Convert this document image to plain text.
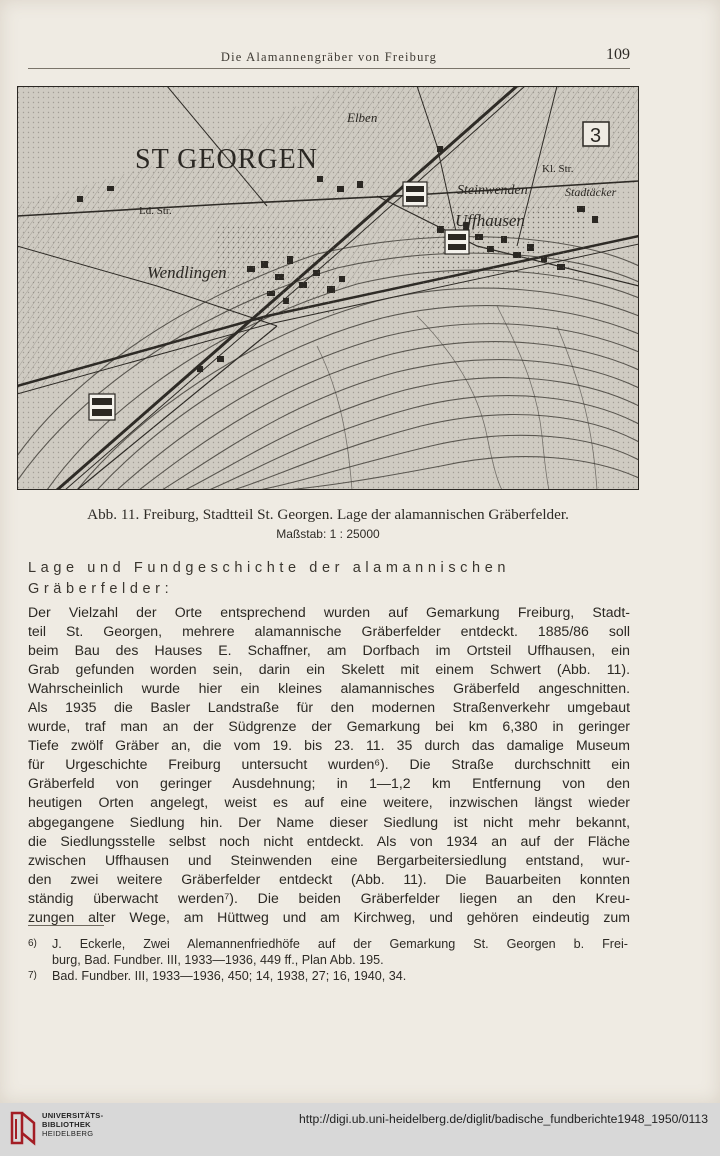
Die Alamannengräber von Freiburg	109
ST GEORGEN
Wendlingen
Steinwenden
Uffhausen
Elben
Stadtäcker
Ld. Str.
Kl. Str.
3
Abb. 11. Freiburg, Stadtteil St. Georgen. Lage der alamannischen Gräberfelder.
Maßstab: 1 : 25000
Lage und Fundgeschichte der alamannischen
Gräberfelder:
Der Vielzahl der Orte entsprechend wurden auf Gemarkung Freiburg, Stadt-
teil St. Georgen, mehrere alamannische Gräberfelder entdeckt. 1885/86 soll
beim Bau des Hauses E. Schaffner, am Dorfbach im Ortsteil Uffhausen, ein
Grab gefunden worden sein, darin ein Skelett mit einem Schwert (Abb. 11).
Wahrscheinlich wurde hier ein kleines alamannisches Gräberfeld angeschnitten.
Als 1935 die Basler Landstraße für den modernen Straßenverkehr umgebaut
wurde, traf man an der Südgrenze der Gemarkung bei km 6,380 in geringer
Tiefe zwölf Gräber an, die vom 19. bis 23. 11. 35 durch das damalige Museum
für Urgeschichte Freiburg untersucht wurden⁶). Die Straße durchschnitt ein
Gräberfeld von geringer Ausdehnung; in 1—1,2 km Entfernung von den
heutigen Orten angelegt, weist es auf eine weitere, inzwischen längst wieder
abgegangene Siedlung hin. Der Name dieser Siedlung ist nicht mehr bekannt,
die Siedlungsstelle selbst noch nicht entdeckt. Als von 1934 an auf der Fläche
zwischen Uffhausen und Steinwenden eine Bergarbeitersiedlung entstand, wur-
den zwei weitere Gräberfelder entdeckt (Abb. 11). Die Bauarbeiten konnten
ständig überwacht werden⁷). Die beiden Gräberfelder liegen an den Kreu-
zungen alter Wege, am Hüttweg und am Kirchweg, und gehören eindeutig zum
6) J. Eckerle, Zwei Alemannenfriedhöfe auf der Gemarkung St. Georgen b. Frei-
burg, Bad. Fundber. III, 1933—1936, 449 ff., Plan Abb. 195.
7) Bad. Fundber. III, 1933—1936, 450; 14, 1938, 27; 16, 1940, 34.
UNIVERSITÄTS-
BIBLIOTHEK
HEIDELBERG
http://digi.ub.uni-heidelberg.de/diglit/badische_fundberichte1948_1950/0113
